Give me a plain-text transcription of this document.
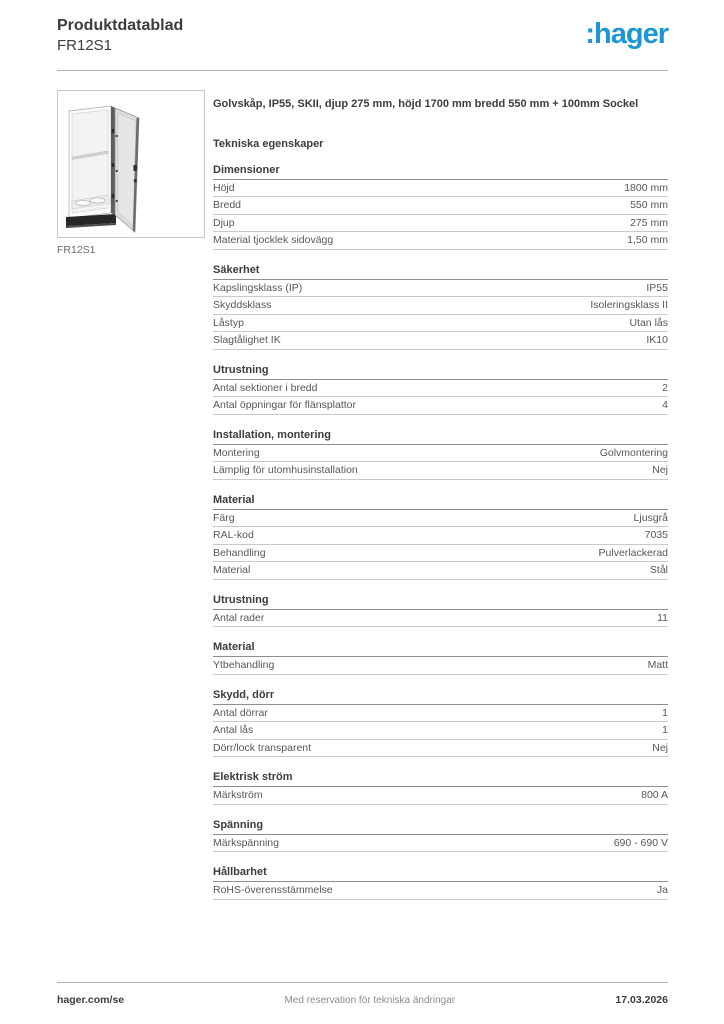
Produktdatablad
FR12S1	:hager
FR12S1

Golvskåp, IP55, SKII, djup 275 mm, höjd 1700 mm bredd 550 mm + 100mm Sockel

Tekniska egenskaper
Dimensioner
Höjd	1800 mm
Bredd	550 mm
Djup	275 mm
Material tjocklek sidovägg	1,50 mm
Säkerhet
Kapslingsklass (IP)	IP55
Skyddsklass	Isoleringsklass II
Låstyp	Utan lås
Slagtålighet IK	IK10
Utrustning
Antal sektioner i bredd	2
Antal öppningar för flänsplattor	4
Installation, montering
Montering	Golvmontering
Lämplig för utomhusinstallation	Nej
Material
Färg	Ljusgrå
RAL-kod	7035
Behandling	Pulverlackerad
Material	Stål
Utrustning
Antal rader	11
Material
Ytbehandling	Matt
Skydd, dörr
Antal dörrar	1
Antal lås	1
Dörr/lock transparent	Nej
Elektrisk ström
Märkström	800 A
Spänning
Märkspänning	690 - 690 V
Hållbarhet
RoHS-överensstämmelse	Ja
hager.com/se	Med reservation för tekniska ändringar	17.03.2026
